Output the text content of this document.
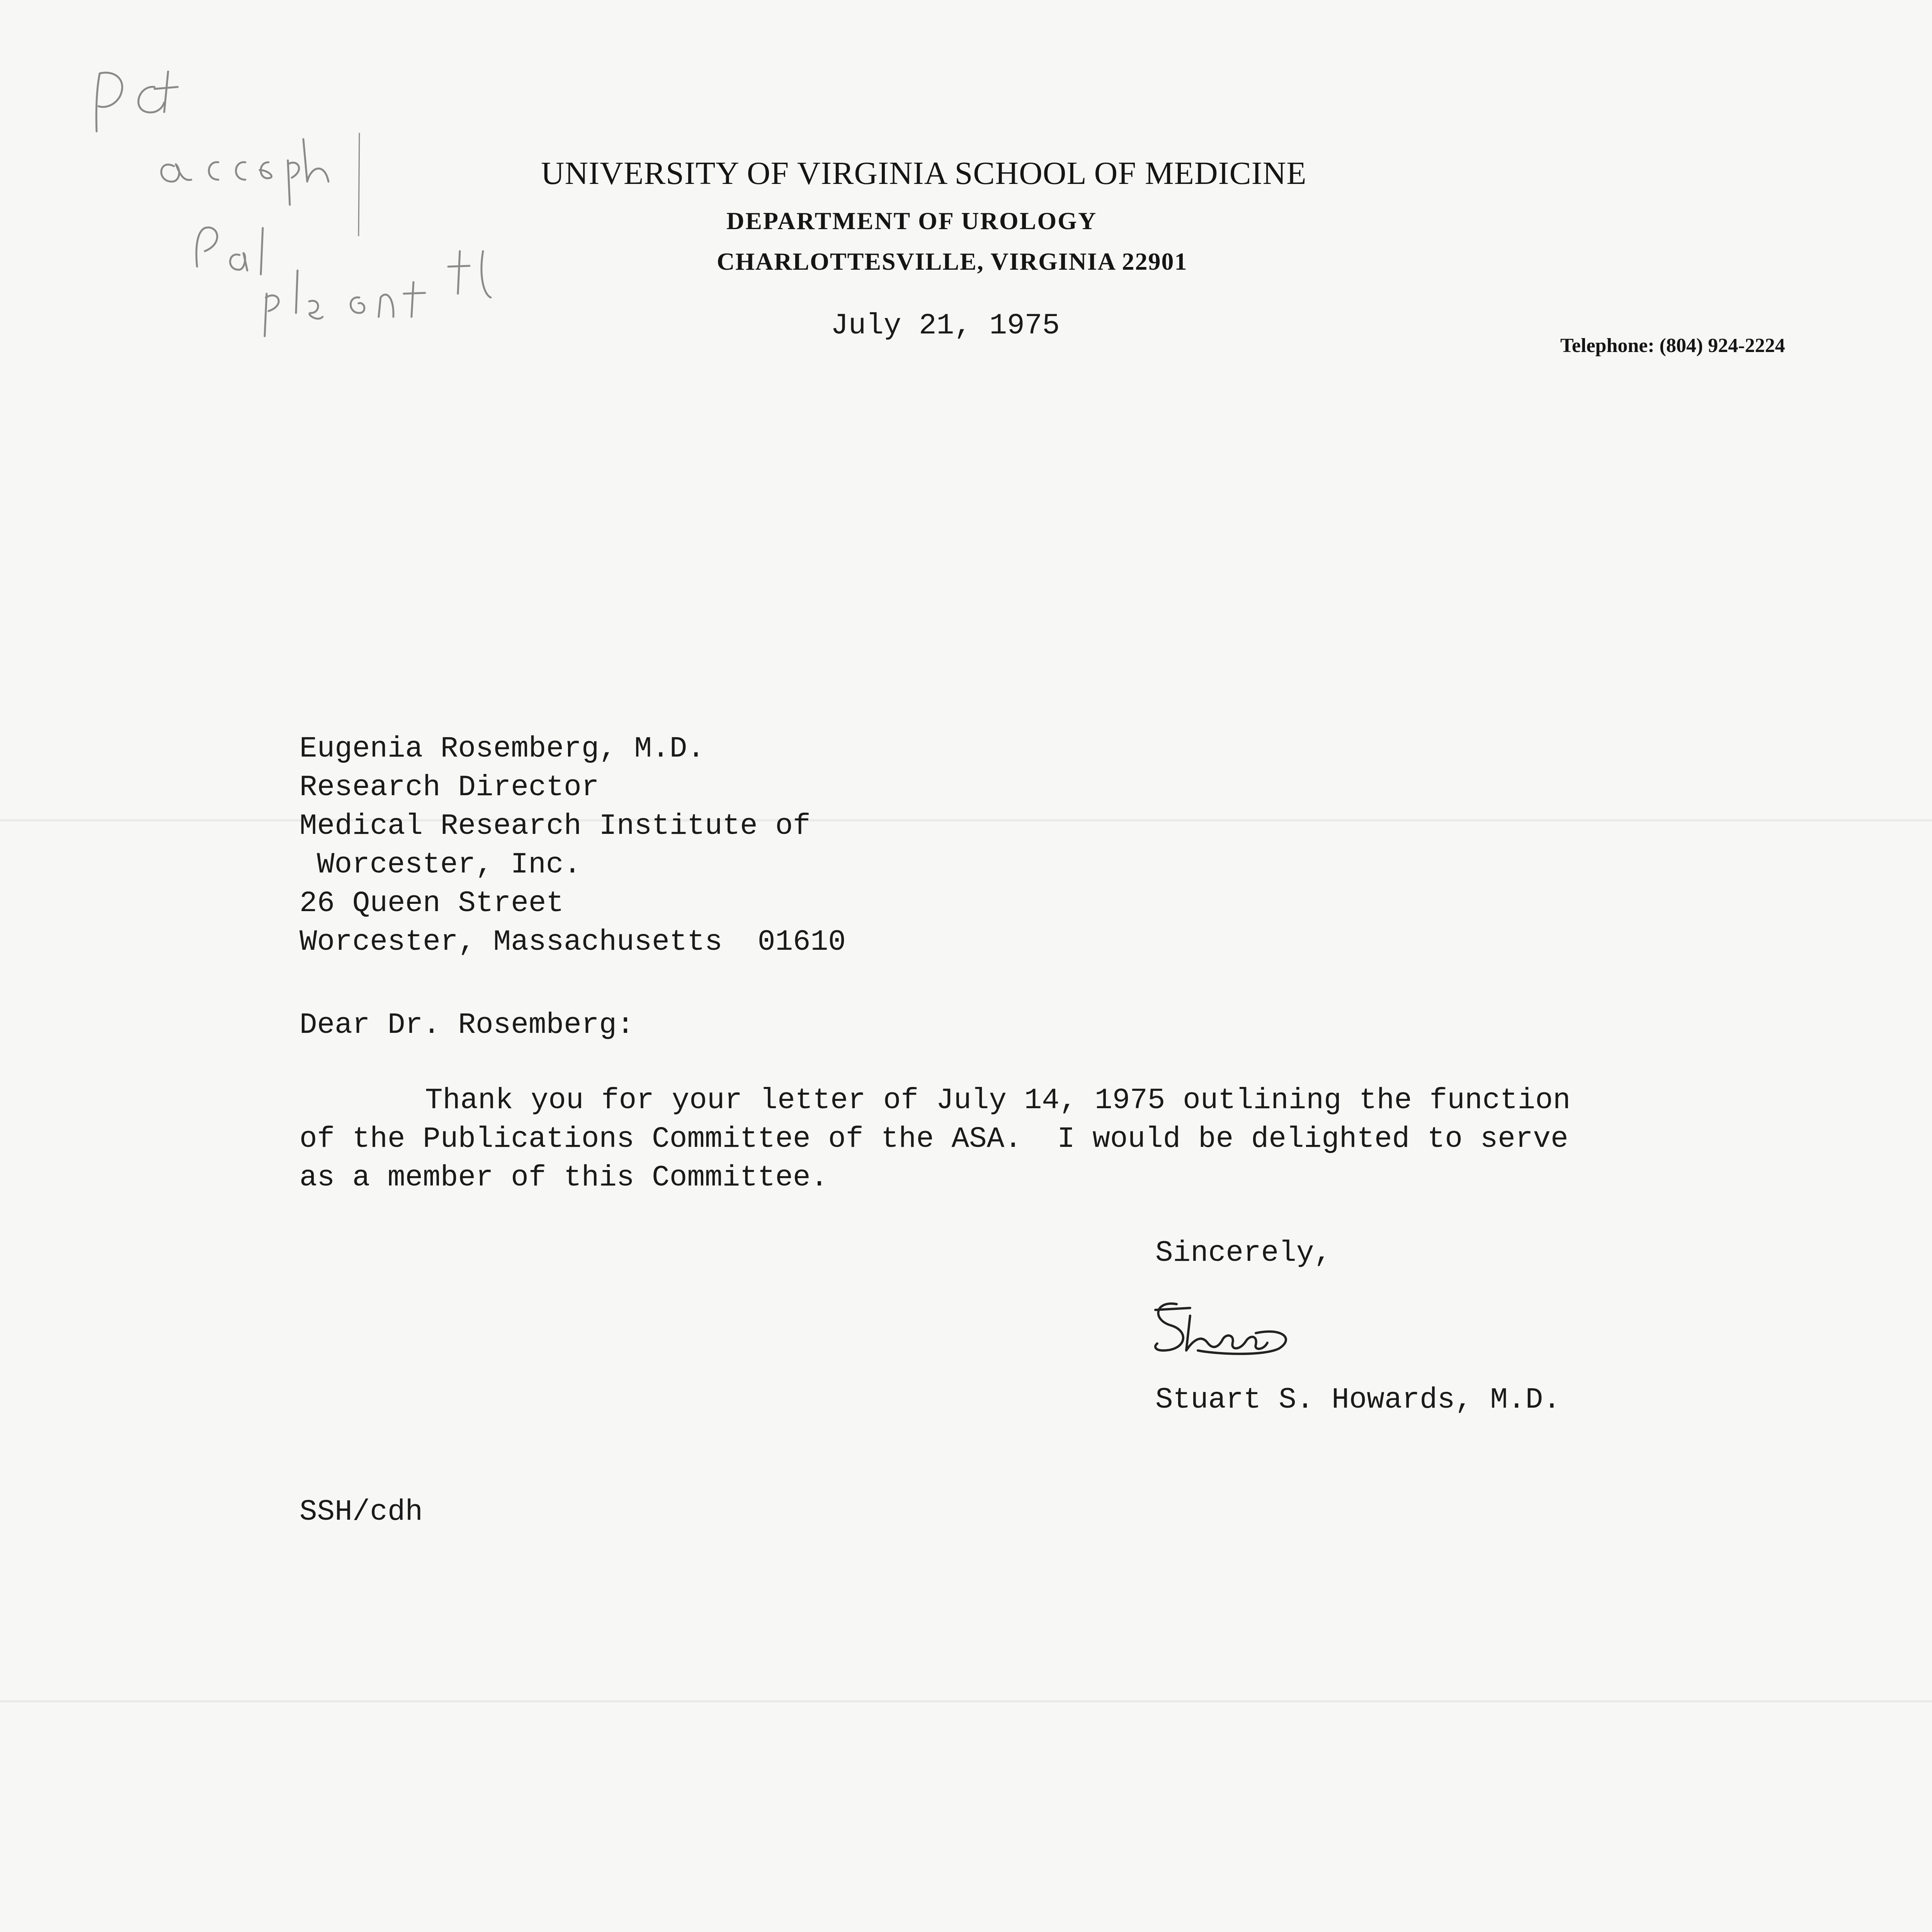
UNIVERSITY OF VIRGINIA SCHOOL OF MEDICINE
DEPARTMENT OF UROLOGY
CHARLOTTESVILLE, VIRGINIA 22901
Telephone: (804) 924-2224
July 21, 1975
Eugenia Rosemberg, M.D.
Research Director
Medical Research Institute of
Worcester, Inc.
26 Queen Street
Worcester, Massachusetts  01610
Dear Dr. Rosemberg:
Thank you for your letter of July 14, 1975 outlining the function
of the Publications Committee of the ASA.  I would be delighted to serve
as a member of this Committee.
Sincerely,
Stuart S. Howards, M.D.
SSH/cdh
